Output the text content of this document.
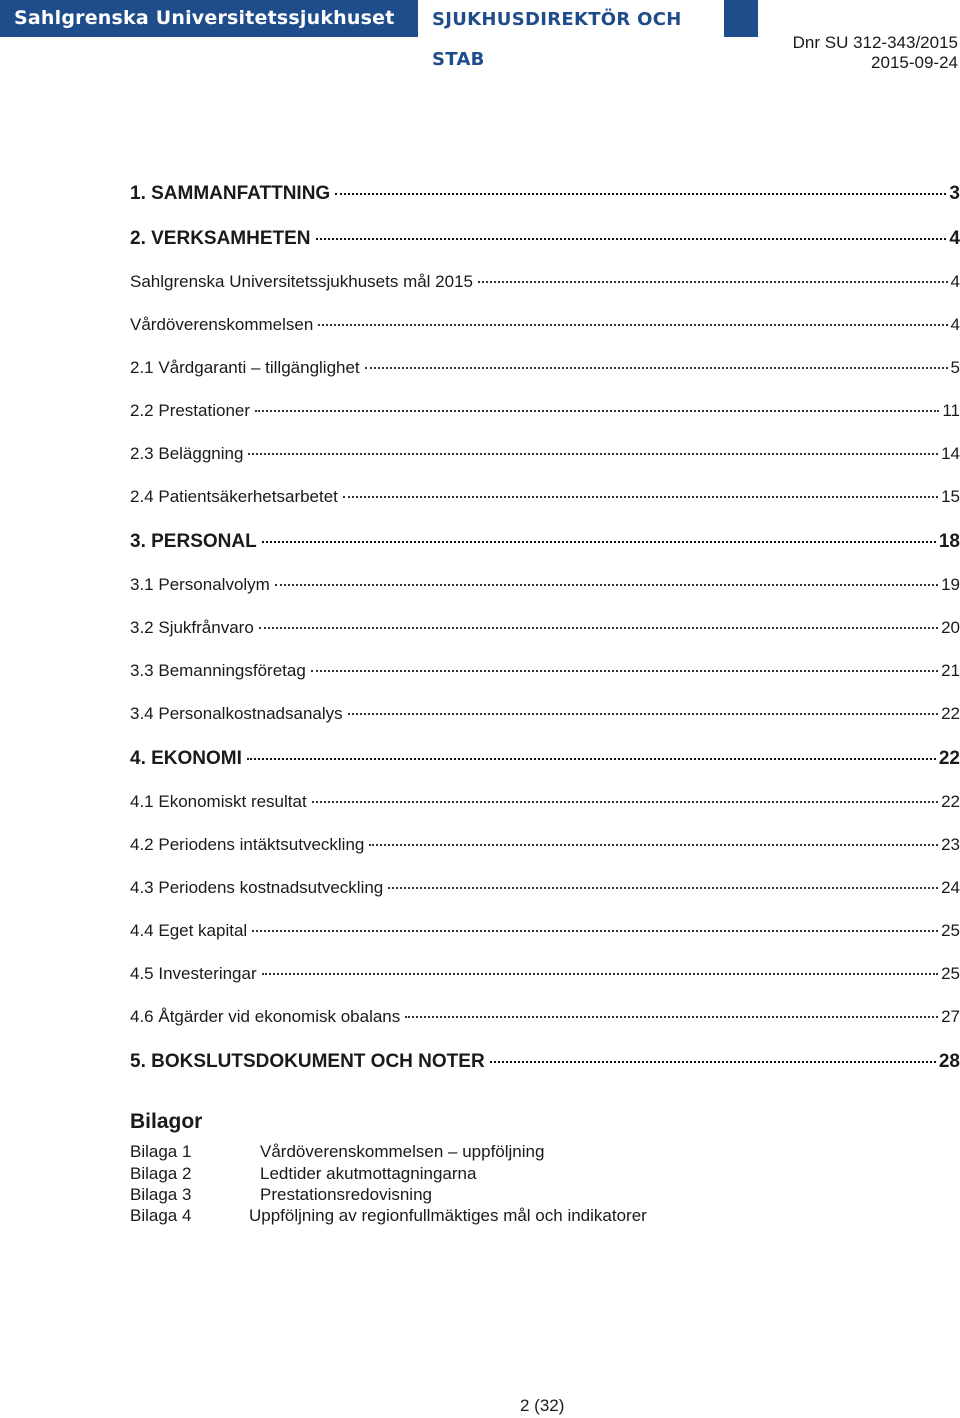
Sahlgrenska Universitetssjukhuset	SJUKHUSDIREKTÖR OCH STAB
Dnr SU 312-343/2015
2015-09-24
1. SAMMANFATTNING	3
2. VERKSAMHETEN	4
Sahlgrenska Universitetssjukhusets mål 2015	4
Vårdöverenskommelsen	4
2.1 Vårdgaranti – tillgänglighet	5
2.2 Prestationer	11
2.3 Beläggning	14
2.4 Patientsäkerhetsarbetet	15
3. PERSONAL	18
3.1 Personalvolym	19
3.2 Sjukfrånvaro	20
3.3 Bemanningsföretag	21
3.4 Personalkostnadsanalys	22
4. EKONOMI	22
4.1 Ekonomiskt resultat	22
4.2 Periodens intäktsutveckling	23
4.3 Periodens kostnadsutveckling	24
4.4 Eget kapital	25
4.5 Investeringar	25
4.6 Åtgärder vid ekonomisk obalans	27
5. BOKSLUTSDOKUMENT OCH NOTER	28
Bilagor
Bilaga 1	Vårdöverenskommelsen – uppföljning
Bilaga 2	Ledtider akutmottagningarna
Bilaga 3	Prestationsredovisning
Bilaga 4	Uppföljning av regionfullmäktiges mål och indikatorer
2 (32)
